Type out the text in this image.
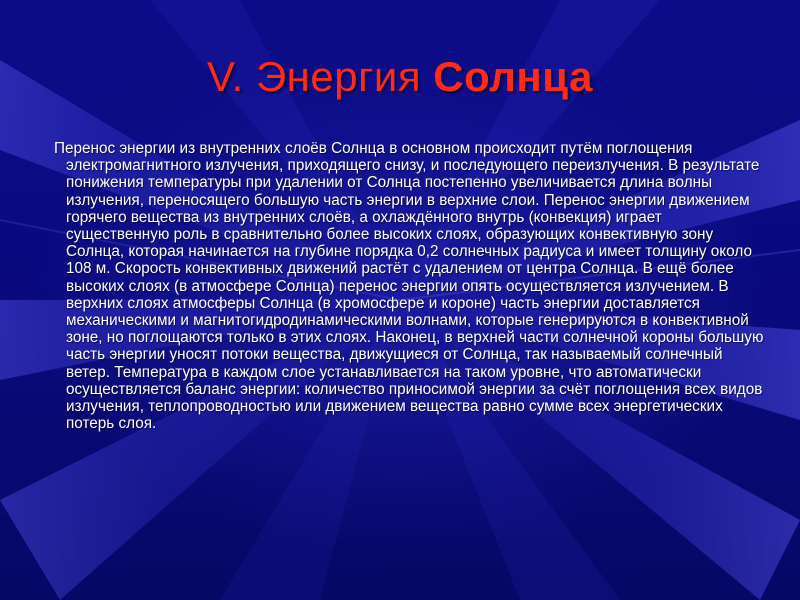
V. Энергия Солнца
Перенос энергии из внутренних слоёв Солнца в основном происходит путём поглощения электромагнитного излучения, приходящего снизу, и последующего переизлучения. В результате понижения температуры при удалении от Солнца постепенно увеличивается длина волны излучения, переносящего большую часть энергии в верхние слои. Перенос энергии движением горячего вещества из внутренних слоёв, а охлаждённого внутрь (конвекция) играет существенную роль в сравнительно более высоких слоях, образующих конвективную зону Солнца, которая начинается на глубине порядка 0,2 солнечных радиуса и имеет толщину около 108 м. Скорость конвективных движений растёт с удалением от центра Солнца. В ещё более высоких слоях (в атмосфере Солнца) перенос энергии опять осуществляется излучением. В верхних слоях атмосферы Солнца (в хромосфере и короне) часть энергии доставляется механическими и магнитогидродинамическими волнами, которые генерируются в конвективной зоне, но поглощаются только в этих слоях. Наконец, в верхней части солнечной короны большую часть энергии уносят потоки вещества, движущиеся от Солнца, так называемый солнечный ветер. Температура в каждом слое устанавливается на таком уровне, что автоматически осуществляется баланс энергии: количество приносимой энергии за счёт поглощения всех видов излучения, теплопроводностью или движением вещества равно сумме всех энергетических потерь слоя.
